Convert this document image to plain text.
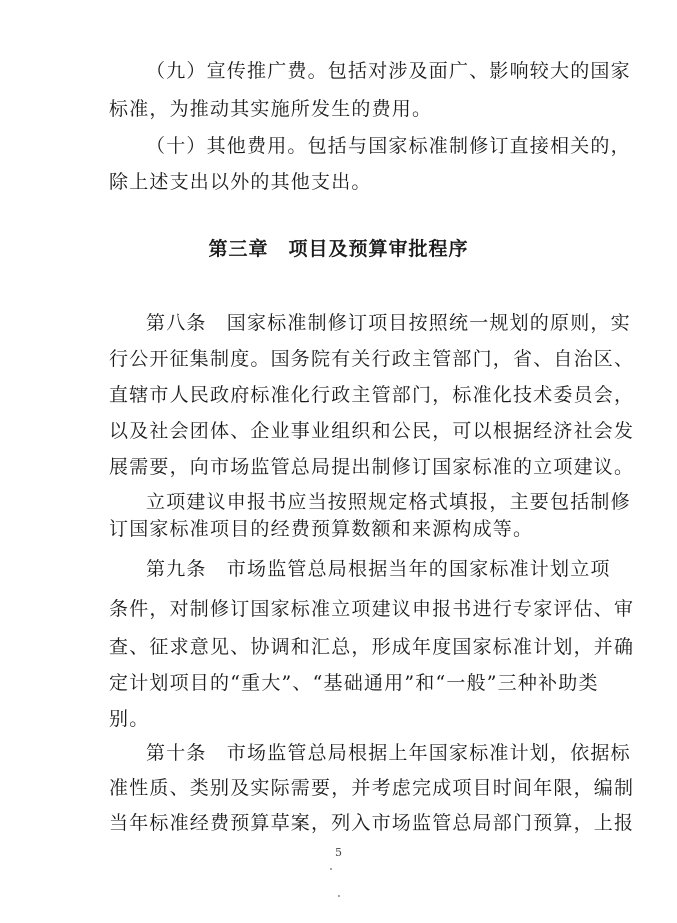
（九）宣传推广费。包括对涉及面广、影响较大的国家
标准，为推动其实施所发生的费用。
（十）其他费用。包括与国家标准制修订直接相关的，
除上述支出以外的其他支出。
第三章　项目及预算审批程序
第八条　国家标准制修订项目按照统一规划的原则，实
行公开征集制度。国务院有关行政主管部门，省、自治区、
直辖市人民政府标准化行政主管部门，标准化技术委员会，
以及社会团体、企业事业组织和公民，可以根据经济社会发
展需要，向市场监管总局提出制修订国家标准的立项建议。
立项建议申报书应当按照规定格式填报，主要包括制修
订国家标准项目的经费预算数额和来源构成等。
第九条　市场监管总局根据当年的国家标准计划立项
条件，对制修订国家标准立项建议申报书进行专家评估、审
查、征求意见、协调和汇总，形成年度国家标准计划，并确
定计划项目的“重大”、“基础通用”和“一般”三种补助类
别。
第十条　市场监管总局根据上年国家标准计划，依据标
准性质、类别及实际需要，并考虑完成项目时间年限，编制
当年标准经费预算草案，列入市场监管总局部门预算，上报
5
